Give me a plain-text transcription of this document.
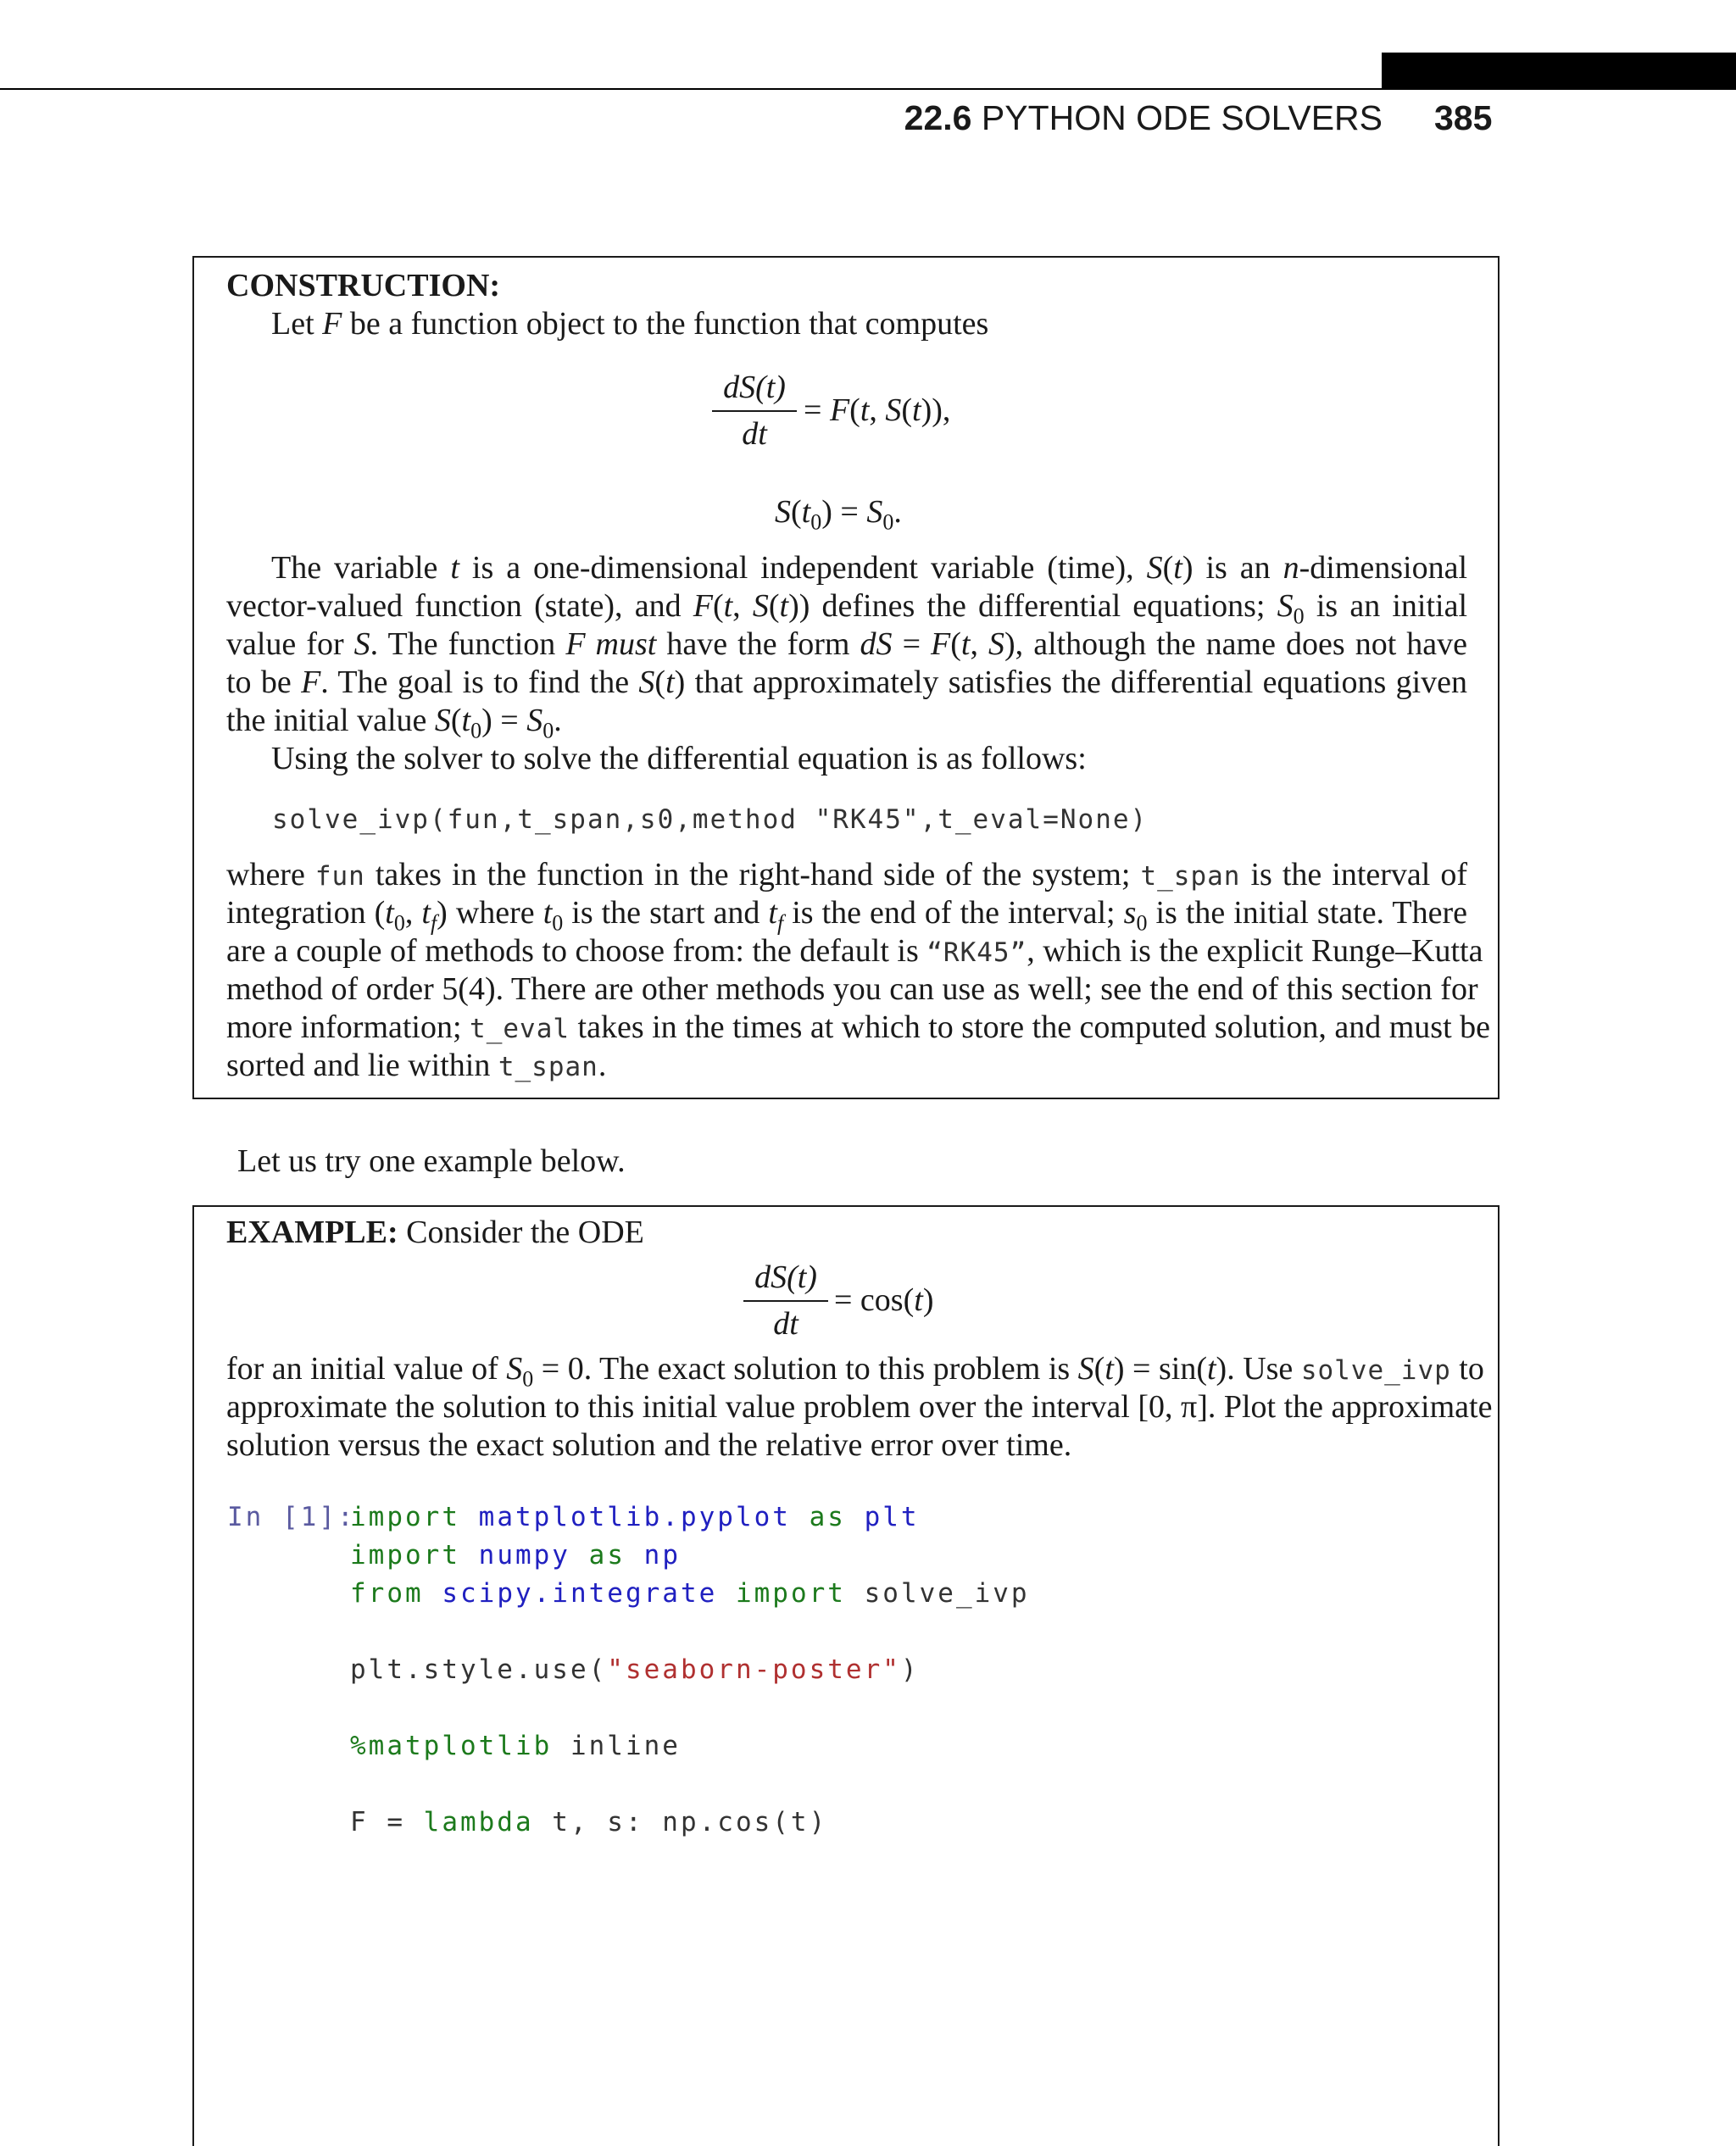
22.6 PYTHON ODE SOLVERS 385
CONSTRUCTION:
Let F be a function object to the function that computes
dS(t)
dt
= F(t, S(t)),
$S(t_0) = S_0$.
The variable t is a one-dimensional independent variable (time), S(t) is an n-dimensional
vector-valued function (state), and F(t, S(t)) defines the differential equations; $S_0$ is an initial
value for S. The function F must have the form dS = F(t, S), although the name does not have
to be F. The goal is to find the S(t) that approximately satisfies the differential equations given
the initial value $S(t_0) = S_0$.
Using the solver to solve the differential equation is as follows:
solve_ivp(fun,t_span,s0,method "RK45",t_eval=None)
where fun takes in the function in the right-hand side of the system; t_span is the interval of
integration ($t_0$, $t_f$) where $t_0$ is the start and $t_f$ is the end of the interval; $s_0$ is the initial state. There
are a couple of methods to choose from: the default is “RK45”, which is the explicit Runge–Kutta
method of order 5(4). There are other methods you can use as well; see the end of this section for
more information; t_eval takes in the times at which to store the computed solution, and must be
sorted and lie within t_span.
Let us try one example below.
EXAMPLE: Consider the ODE
dS(t)
dt
= cos(t)
for an initial value of $S_0 = 0$. The exact solution to this problem is S(t) = sin(t). Use solve_ivp to
approximate the solution to this initial value problem over the interval [0, π]. Plot the approximate
solution versus the exact solution and the relative error over time.
In [1]:
import matplotlib.pyplot as plt
import numpy as np
from scipy.integrate import solve_ivp
plt.style.use("seaborn-poster")
%matplotlib inline
F = lambda t, s: np.cos(t)
